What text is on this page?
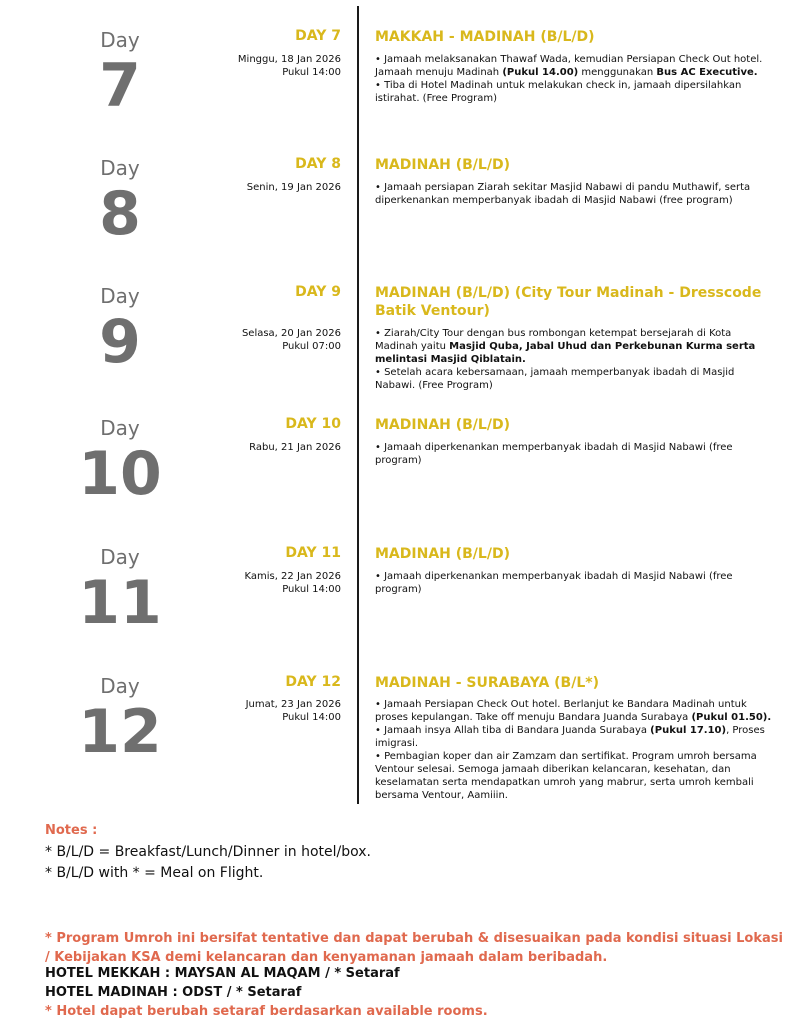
Day
7
DAY 7
Minggu, 18 Jan 2026
Pukul 14:00
MAKKAH - MADINAH (B/L/D)

• Jamaah melaksanakan Thawaf Wada, kemudian Persiapan Check Out hotel. Jamaah menuju Madinah (Pukul 14.00) menggunakan Bus AC Executive.

• Tiba di Hotel Madinah untuk melakukan check in, jamaah dipersilahkan istirahat. (Free Program)

Day
8
DAY 8
Senin, 19 Jan 2026
MADINAH (B/L/D)

• Jamaah persiapan Ziarah sekitar Masjid Nabawi di pandu Muthawif, serta diperkenankan memperbanyak ibadah di Masjid Nabawi (free program)

Day
9
DAY 9
Selasa, 20 Jan 2026
Pukul 07:00
MADINAH (B/L/D) (City Tour Madinah - Dresscode Batik Ventour)

• Ziarah/City Tour dengan bus rombongan ketempat bersejarah di Kota Madinah yaitu Masjid Quba, Jabal Uhud dan Perkebunan Kurma serta melintasi Masjid Qiblatain.

• Setelah acara kebersamaan, jamaah memperbanyak ibadah di Masjid Nabawi. (Free Program)

Day
10
DAY 10
Rabu, 21 Jan 2026
MADINAH (B/L/D)

• Jamaah diperkenankan memperbanyak ibadah di Masjid Nabawi (free program)

Day
11
DAY 11
Kamis, 22 Jan 2026
Pukul 14:00
MADINAH (B/L/D)

• Jamaah diperkenankan memperbanyak ibadah di Masjid Nabawi (free program)

Day
12
DAY 12
Jumat, 23 Jan 2026
Pukul 14:00
MADINAH - SURABAYA (B/L*)

• Jamaah Persiapan Check Out hotel. Berlanjut ke Bandara Madinah untuk proses kepulangan. Take off menuju Bandara Juanda Surabaya (Pukul 01.50).

• Jamaah insya Allah tiba di Bandara Juanda Surabaya (Pukul 17.10), Proses imigrasi.

• Pembagian koper dan air Zamzam dan sertifikat. Program umroh bersama Ventour selesai. Semoga jamaah diberikan kelancaran, kesehatan, dan keselamatan serta mendapatkan umroh yang mabrur, serta umroh kembali bersama Ventour, Aamiiin.

Notes :
* B/L/D = Breakfast/Lunch/Dinner in hotel/box.
* B/L/D with * = Meal on Flight.
* Program Umroh ini bersifat tentative dan dapat berubah & disesuaikan pada kondisi situasi Lokasi / Kebijakan KSA demi kelancaran dan kenyamanan jamaah dalam beribadah.
HOTEL MEKKAH : MAYSAN AL MAQAM / * Setaraf
HOTEL MADINAH : ODST / * Setaraf
* Hotel dapat berubah setaraf berdasarkan available rooms.
